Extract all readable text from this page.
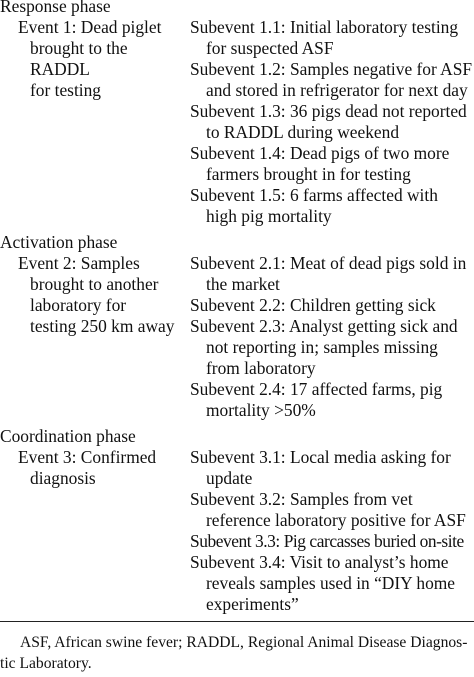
Response phase
Event 1: Dead piglet
brought to the
RADDL
for testing
Subevent 1.1: Initial laboratory testing
for suspected ASF
Subevent 1.2: Samples negative for ASF
and stored in refrigerator for next day
Subevent 1.3: 36 pigs dead not reported
to RADDL during weekend
Subevent 1.4: Dead pigs of two more
farmers brought in for testing
Subevent 1.5: 6 farms affected with
high pig mortality
Activation phase
Event 2: Samples
brought to another
laboratory for
testing 250 km away
Subevent 2.1: Meat of dead pigs sold in
the market
Subevent 2.2: Children getting sick
Subevent 2.3: Analyst getting sick and
not reporting in; samples missing
from laboratory
Subevent 2.4: 17 affected farms, pig
mortality >50%
Coordination phase
Event 3: Confirmed
diagnosis
Subevent 3.1: Local media asking for
update
Subevent 3.2: Samples from vet
reference laboratory positive for ASF
Subevent 3.3: Pig carcasses buried on-site
Subevent 3.4: Visit to analyst’s home
reveals samples used in “DIY home
experiments”
ASF, African swine fever; RADDL, Regional Animal Disease Diagnos-
tic Laboratory.
